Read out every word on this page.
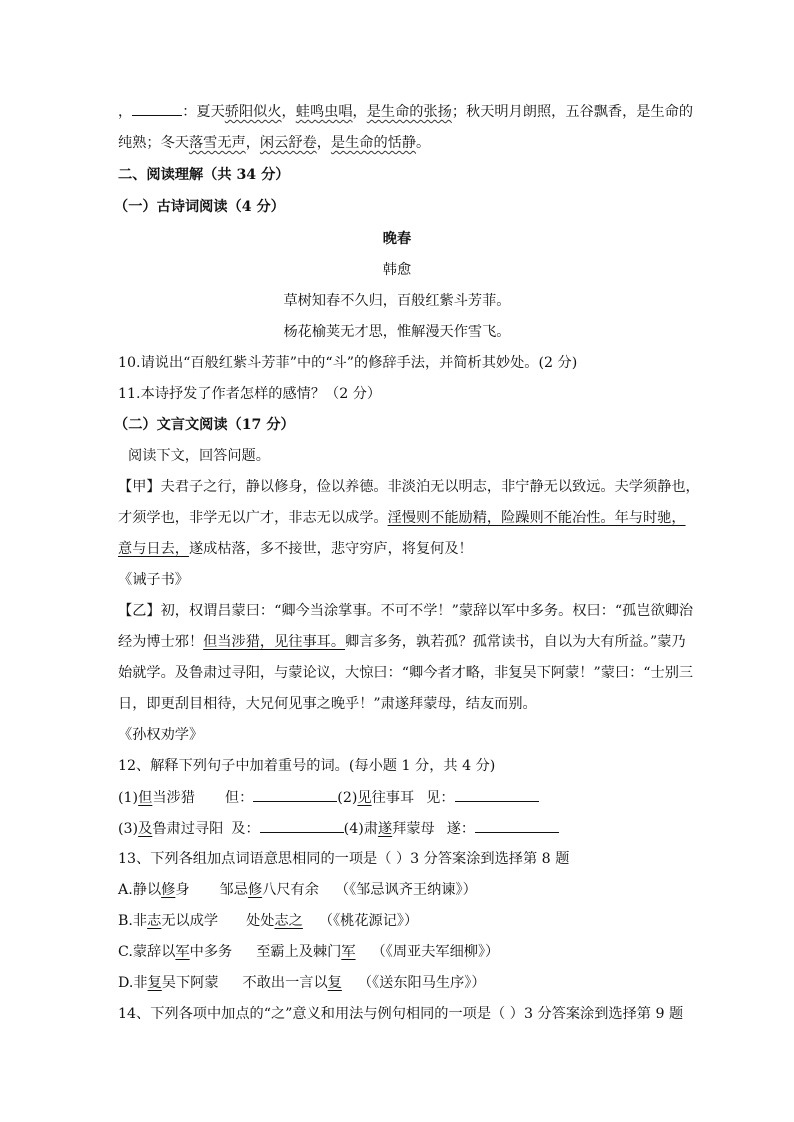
，	：夏天骄阳似火，蛙鸣虫唱，是生命的张扬；秋天明月朗照，五谷飘香，是生命的
纯熟；冬天落雪无声，闲云舒卷，是生命的恬静。
二、阅读理解（共 34 分）
（一）古诗词阅读（4 分）
晚春
韩愈
草树知春不久归，百般红紫斗芳菲。
杨花榆荚无才思，惟解漫天作雪飞。
10.请说出“百般红紫斗芳菲”中的“斗”的修辞手法，并简析其妙处。(2 分)
11.本诗抒发了作者怎样的感情？（2 分）
（二）文言文阅读（17 分）
阅读下文，回答问题。
【甲】夫君子之行，静以修身，俭以养德。非淡泊无以明志，非宁静无以致远。夫学须静也，
才须学也，非学无以广才，非志无以成学。淫慢则不能励精，险躁则不能冶性。年与时驰，
意与日去，遂成枯落，多不接世，悲守穷庐，将复何及！
《诫子书》
【乙】初，权谓吕蒙曰：“卿今当涂掌事。不可不学！”蒙辞以军中多务。权曰：“孤岂欲卿治
经为博士邪！但当涉猎，见往事耳。卿言多务，孰若孤？孤常读书，自以为大有所益。”蒙乃
始就学。及鲁肃过寻阳，与蒙论议，大惊曰：“卿今者才略，非复吴下阿蒙！”蒙曰：“士别三
日，即更刮目相待，大兄何见事之晚乎！”肃遂拜蒙母，结友而别。
《孙权劝学》
12、解释下列句子中加着重号的词。(每小题 1 分，共 4 分)
(1)但当涉猎 但：	(2)见往事耳 见：
(3)及鲁肃过寻阳 及：	(4)肃遂拜蒙母 遂：
13、下列各组加点词语意思相同的一项是（ ）3 分答案涂到选择第 8 题
A.静以修身 邹忌修八尺有余 （《邹忌讽齐王纳谏》）
B.非志无以成学 处处志之 （《桃花源记》）
C.蒙辞以军中多务 至霸上及棘门军 （《周亚夫军细柳》）
D.非复吴下阿蒙 不敢出一言以复 （《送东阳马生序》）
14、下列各项中加点的“之”意义和用法与例句相同的一项是（ ）3 分答案涂到选择第 9 题
